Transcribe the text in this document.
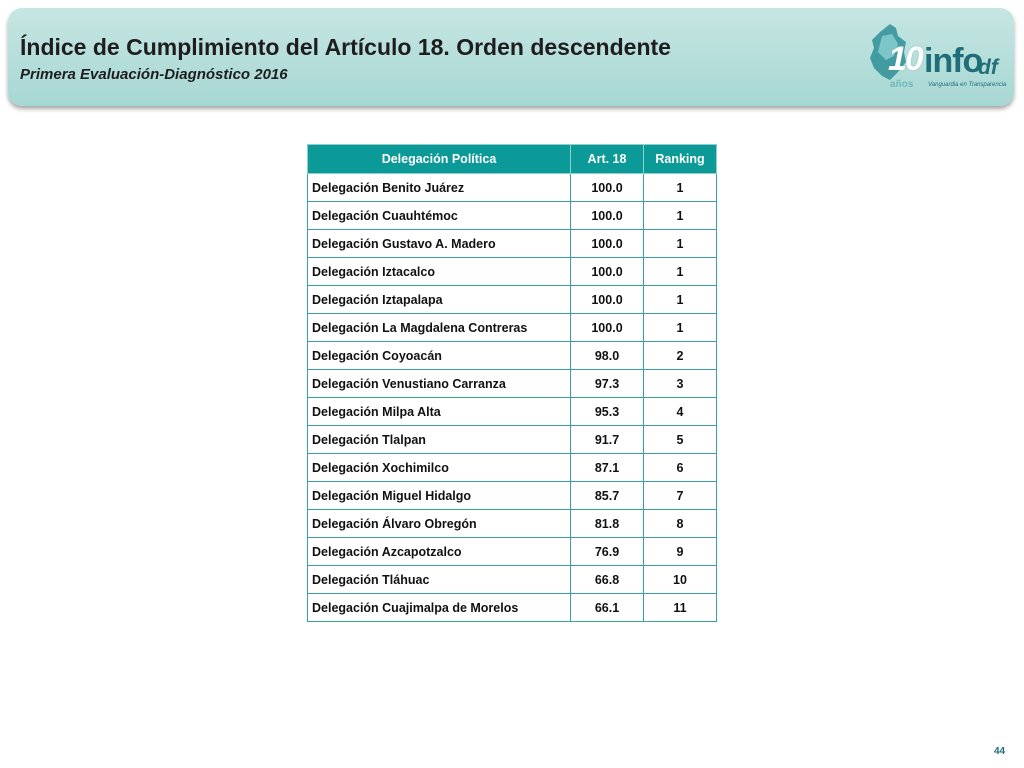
Índice de Cumplimiento del Artículo 18. Orden descendente
Primera Evaluación-Diagnóstico 2016	10 info
df
años Vanguardia en Transparencia
Delegación Política	Art. 18	Ranking
Delegación Benito Juárez	100.0	1
Delegación Cuauhtémoc	100.0	1
Delegación Gustavo A. Madero	100.0	1
Delegación Iztacalco	100.0	1
Delegación Iztapalapa	100.0	1
Delegación La Magdalena Contreras	100.0	1
Delegación Coyoacán	98.0	2
Delegación Venustiano Carranza	97.3	3
Delegación Milpa Alta	95.3	4
Delegación Tlalpan	91.7	5
Delegación Xochimilco	87.1	6
Delegación Miguel Hidalgo	85.7	7
Delegación Álvaro Obregón	81.8	8
Delegación Azcapotzalco	76.9	9
Delegación Tláhuac	66.8	10
Delegación Cuajimalpa de Morelos	66.1	11
44
